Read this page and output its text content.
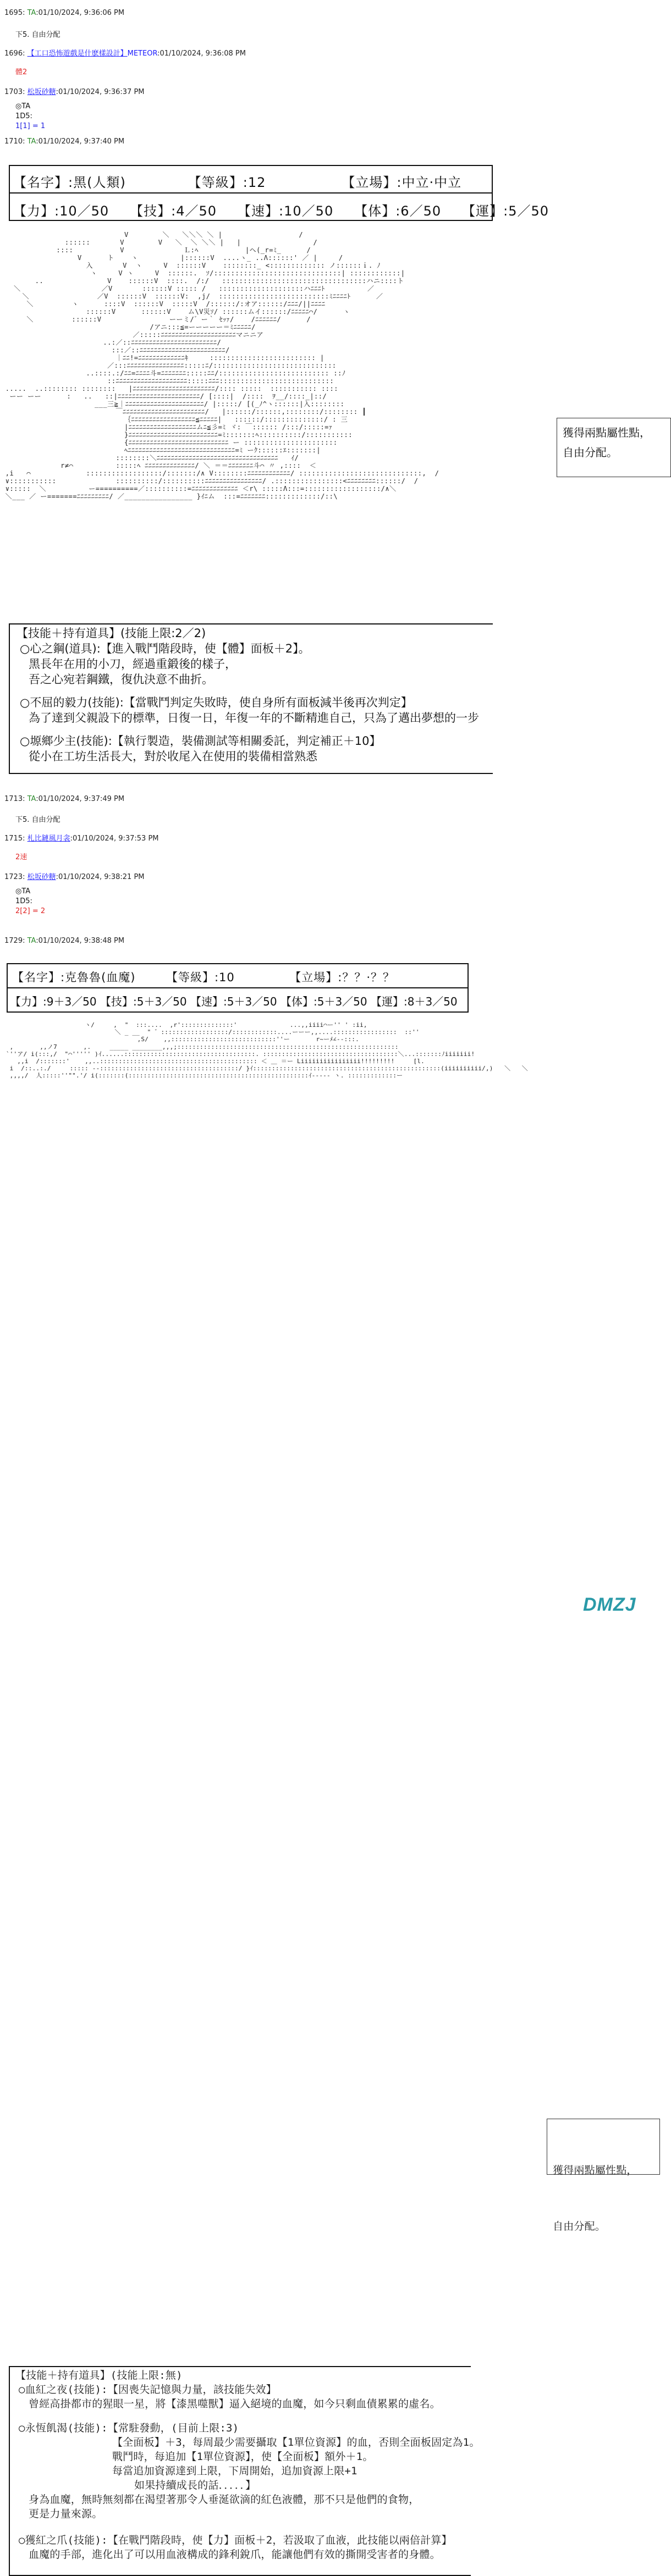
1695: TA:01/10/2024, 9:36:06 PM
下5. 自由分配
1696: 【工口恐怖遊戲是什麽樣設計】METEOR:01/10/2024, 9:36:08 PM
體2
1703: 松坂砂糖:01/10/2024, 9:36:37 PM
◎TA
1D5:
1[1] = 1
1710: TA:01/10/2024, 9:37:40 PM
【名字】:黑(人類)　　　　　【等級】:12　　　　　　【立場】:中立·中立
【力】:10／50　　【技】:4／50　　【速】:10／50　　【体】:6／50　　【運】:5／50
V        ＼   ＼＼＼ ＼ |                  /
::::::       V        V   ＼  ＼ ＼＼ |   |                 /
::::           V              Ｌ:ﾍ           |ヘ(_r=ﾐ_      /
V      ト    ヽ          |::::::V  ....ヽ_ ..Λ::::::' ／ |     /
入       V  ヽ     V  ::::::V    ::::::::_ <::::::::::::: ノ::::::ｉ. ﾉ
ヽ     V ヽ     V  ::::::.  ｿ/::::::::::::::::::::::::::::::| ::::::::::::|
..               V    ::::::V  ::::.  /:/   ::::::::::::::::::::::::::::::::::ハニ::::ト
＼                   ／V       ::::::V ::::: /   ::::::::::::::::::::ハﾆﾆﾆﾄ          ／
＼                ／V  ::::::V  ::::::V:  ,j/  ::::::::::::::::::::::::::ﾐﾆﾆﾆﾆﾄ      ／
＼         ヽ      ::::V  ::::::V  :::::V  /::::::/:オア::::::/ﾆﾆﾆ/||ﾆﾆﾆﾆ
::::::V      ::::::V    ム\V災ｿ/ ::::::ムイ::::::/ﾆﾆﾆﾆﾆ⌒/      ヽ
＼         ::::::V                ーーミ/゛ー｀ ｾｯｧ/    /ﾆﾆﾆﾆﾆﾆ/      /
/アニ:::≦=ーーーーー＝ﾐﾆﾆﾆﾆﾆ/
／:::::ﾆﾆﾆﾆﾆﾆﾆﾆﾆﾆﾆﾆﾆﾆﾆﾆﾆﾆﾆﾆﾆマニニア
..:／::ﾆﾆﾆﾆﾆﾆﾆﾆﾆﾆﾆﾆﾆﾆﾆﾆﾆﾆﾆﾆﾆﾆﾆﾆ/
:::／::ﾆﾆﾆﾆﾆﾆﾆﾆﾆﾆﾆﾆﾆﾆﾆﾆﾆﾆﾆﾆﾆﾆﾆﾆ/
｜ﾆﾆ!=ﾆﾆﾆﾆﾆﾆﾆﾆﾆﾆﾆﾆﾆｷ     ::::::::::::::::::::::::: |
／:::ﾆﾆﾆﾆﾆﾆﾆﾆﾆﾆﾆﾆﾆﾆﾆﾆ:::::ﾆ/:::::::::::::::::::::::::::::
..::::.:/ﾆﾆ=ﾆﾆﾆﾆ斗=ﾆﾆﾆﾆﾆﾆﾆ:::::ﾆﾆ/:::::::::::::::::::::::::: ::ﾉ
::ﾆﾆﾆﾆﾆﾆﾆﾆﾆﾆﾆﾆﾆﾆﾆﾆﾆﾆﾆﾆ:::::ﾆﾆﾆ:::::::::::::::::::::::::::
.....  ..:::::::: ::::::::   |ﾆﾆﾆﾆﾆﾆﾆﾆﾆﾆﾆﾆﾆﾆﾆﾆﾆﾆﾆﾆﾆﾆﾆ/:::: :::::  ::::::::::: ::::
ーー ーー      :   ..   ::|ﾆﾆﾆﾆﾆﾆﾆﾆﾆﾆﾆﾆﾆﾆﾆﾆﾆﾆﾆﾆﾆﾆﾆ/ [::::|  /::::  ｦ__/::::_|::/
___三≧｜ﾆﾆﾆﾆﾆﾆﾆﾆﾆﾆﾆﾆﾆﾆﾆﾆﾆﾆﾆﾆﾆﾆ/ |:::::/ [(_ﾉ^ヽ::::::|入::::::::
￣ﾆﾆﾆﾆﾆﾆﾆﾆﾆﾆﾆﾆﾆﾆﾆﾆﾆﾆﾆﾆﾆﾆﾆ/   |::::::/::::::,::::::::/:::::::: ┃
｛ﾆﾆﾆﾆﾆﾆﾆﾆﾆﾆﾆﾆﾆﾆﾆﾆﾆﾆ≦ﾆﾆﾆﾆﾆ|   ::::::/::::::::::::::/ : 三
|ﾆﾆﾆﾆﾆﾆﾆﾆﾆﾆﾆﾆﾆﾆﾆﾆﾆﾆﾆムﾆ≦彡=ﾐ ヾ: ￣:::::: /:::/:::::=ｧ
}ﾆﾆﾆﾆﾆﾆﾆﾆﾆﾆﾆﾆﾆﾆﾆﾆﾆﾆﾆﾆﾆﾆﾆﾆﾆ=ﾐ:::::::ﾍ::::::::::/:::::::::::
{ﾆﾆﾆﾆﾆﾆﾆﾆﾆﾆﾆﾆﾆﾆﾆﾆﾆﾆﾆﾆﾆﾆﾆﾆﾆﾆﾆﾆ ー ::::::::::::::::::::::
ﾍﾆﾆﾆﾆﾆﾆﾆﾆﾆﾆﾆﾆﾆﾆﾆﾆﾆﾆﾆﾆﾆﾆﾆﾆﾆﾆﾆﾆﾆﾆ=ﾐ ーｸ::::::ｴ:::::::|
::::::::＼ﾆﾆﾆﾆﾆﾆﾆﾆﾆﾆﾆﾆﾆﾆﾆﾆﾆﾆﾆﾆﾆﾆﾆﾆﾆﾆﾆﾆﾆﾆﾆﾆﾆﾆ   ｲ/
r≠⌒          :::::ﾍ ﾆﾆﾆﾆﾆﾆﾆﾆﾆﾆﾆﾆﾆﾆ/ ＼ ＝＝ﾆﾆﾆﾆﾆﾆﾆ斗⌒ 〃 ,::::  ＜
,i   ⌒             ::::::::::::::::::/:::::::/∧ V::::::::ﾆﾆﾆﾆﾆﾆﾆﾆﾆﾆﾆﾆ/ :::::::::::::::::::::::::::::,  /
∨:::::::::::              ::::::::::/::::::::::ﾆﾆﾆﾆﾆﾆﾆﾆﾆﾆﾆﾆﾆﾆﾆﾆ/ .::::::::::::::::<ﾆﾆﾆﾆﾆﾆﾆﾆ::::::/  /
∨:::::  ＼          ー==========／::::::::::=ﾆﾆﾆﾆﾆﾆﾆﾆﾆﾆﾆﾆﾆ ＜r\ :::::Λ:::=::::::::::::::::::/∧＼
＼___ ／ ー=======ﾆﾆﾆﾆﾆﾆﾆﾆﾆ/ ／________________ }ｲﾆム  :::=ﾆﾆﾆﾆﾆﾆﾆ:::::::::::::/::\
獲得兩點屬性點，
自由分配。
【技能＋持有道具】(技能上限:2／2)
○心之鋼(道具):【進入戰鬥階段時，使【體】面板＋2】。
黑長年在用的小刀，經過重鍛後的樣子，
吾之心宛若鋼鐵，復仇決意不曲折。
○不屈的毅力(技能):【當戰鬥判定失敗時，使自身所有面板減半後再次判定】
為了達到父親設下的標準，日復一日，年復一年的不斷精進自己，只為了邁出夢想的一步
○塬鄉少主(技能):【執行製造，裝備測試等相關委託，判定補正＋10】
從小在工坊生活長大，對於收尾入在使用的裝備相當熟悉
1713: TA:01/10/2024, 9:37:49 PM
下5. 自由分配
1715: 札比鏈風月衾:01/10/2024, 9:37:53 PM
2速
1723: 松坂砂糖:01/10/2024, 9:38:21 PM
◎TA
1D5:
2[2] = 2
1729: TA:01/10/2024, 9:38:48 PM
【名字】:克魯魯(血魔)　　　【等級】:10　　　　　【立場】:？？·？？
【力】:9＋3／50 【技】:5＋3／50 【速】:5＋3／50 【体】:5＋3／50 【運】:8＋3／50
ヽ/     ,  "  :::....  ,r'::::::::::::::'              ...,,iiii⌒ー'' ' :ii,
＼ _ __  " ゛::::::::::::::::::/::::::::::::....ーーー,,....:::::::::::::::::  ::''
,S/    ,,::::::::::::::::::::::::::::''ー       r~ーﾒ∠--:::.
,       ,,ノ7       ,.     _____ ________,,,;:::::::::::::::::::::::::::::::::::::::::::::::::::::::::::
`''ア/ i(:::,/  "⌒''''' )ｲ......:::::::::::::::::::::::::::::::::::. ::::::::::::::::::::::::::::::::::::＼...:::::::ﾉiiiiiii!
,,i  /:::::::'    ,,..:::::::::::::::::::::::::::::::::::::::::: ＜ ＿ ＝ー Liiiiiiiiiiiiiiii!!!!!!!!!     [l.
i  /::..:./     ::::: --:::::::::::::::::::::::::::::::::::::/ }ｲ::::::::::::::::::::::::::::::::::::::::::::::::::(iiiiiiiiii/,)   ＼   ＼
,,,,/  人:::::''"".'/ i(:::::::(::::::::::::::::::::::::::::::::::::::::::::::::ｲ----- ヽ. :::::::::::::ー

獲得兩點屬性點，

自由分配。

【技能＋持有道具】(技能上限:無)

○血紅之夜(技能):【因喪失記憶與力量，該技能失效】

曾經高掛都市的猩眼一星，將【漆黑噬獸】逼入絕境的血魔，如今只剩血債累累的虛名。

○永恆飢渴(技能):【常駐發動，(目前上限:3)

【全面板】＋3，每周最少需要攝取【1單位資源】的血，否則全面板固定為1。

戰鬥時，每追加【1單位資源】，使【全面板】額外＋1。

每當追加資源達到上限，下周開始，追加資源上限+1

如果持續成長的話．．．．．】

身為血魔，無時無刻都在渴望著那令人垂涎欲滴的紅色液體，那不只是他們的食物，

更是力量來源。

○獲紅之爪(技能):【在戰鬥階段時，使【力】面板＋2，若汲取了血液，此技能以兩倍計算】

血魔的手部，進化出了可以用血液構成的鋒利銳爪，能讓他們有效的撕開受害者的身體。

DMZJ
